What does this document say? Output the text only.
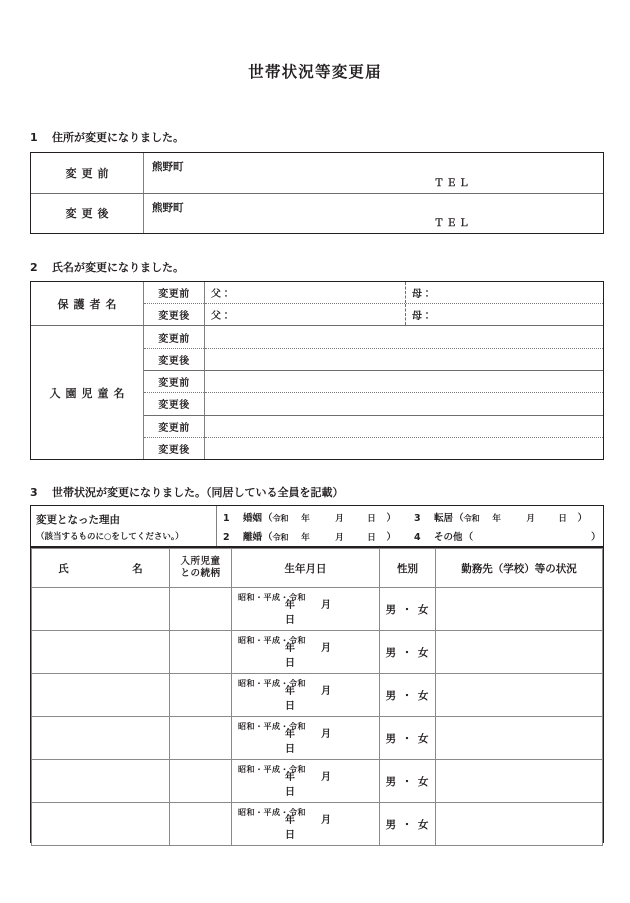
世帯状況等変更届
1 住所が変更になりました。
変更前	熊野町
ＴＥＬ

変更後	熊野町
ＴＥＬ
2 氏名が変更になりました。
保護者名	変更前	父： 母：

	変更後	父： 母：

入園児童名	変更前	
	変更後	
	変更前	
	変更後	
	変更前	
	変更後	
3 世帯状況が変更になりました。（同居している全員を記載）
変更となった理由
（該当するものに○をしてください。）

1	婚姻 （ 令和	年	月	日	） 3	転居 （ 令和	年	月	日	）
2	離婚 （ 令和	年	月	日	） 4	その他 （	）
氏　　　名	入所児童
との続柄	生年月日	性別	勤務先（学校）等の状況

		昭和・平成・令和
年 月日	男 ・ 女	

		昭和・平成・令和
年 月日	男 ・ 女	

		昭和・平成・令和
年 月日	男 ・ 女	

		昭和・平成・令和
年 月日	男 ・ 女	

		昭和・平成・令和
年 月日	男 ・ 女	

		昭和・平成・令和
年 月日	男 ・ 女	
